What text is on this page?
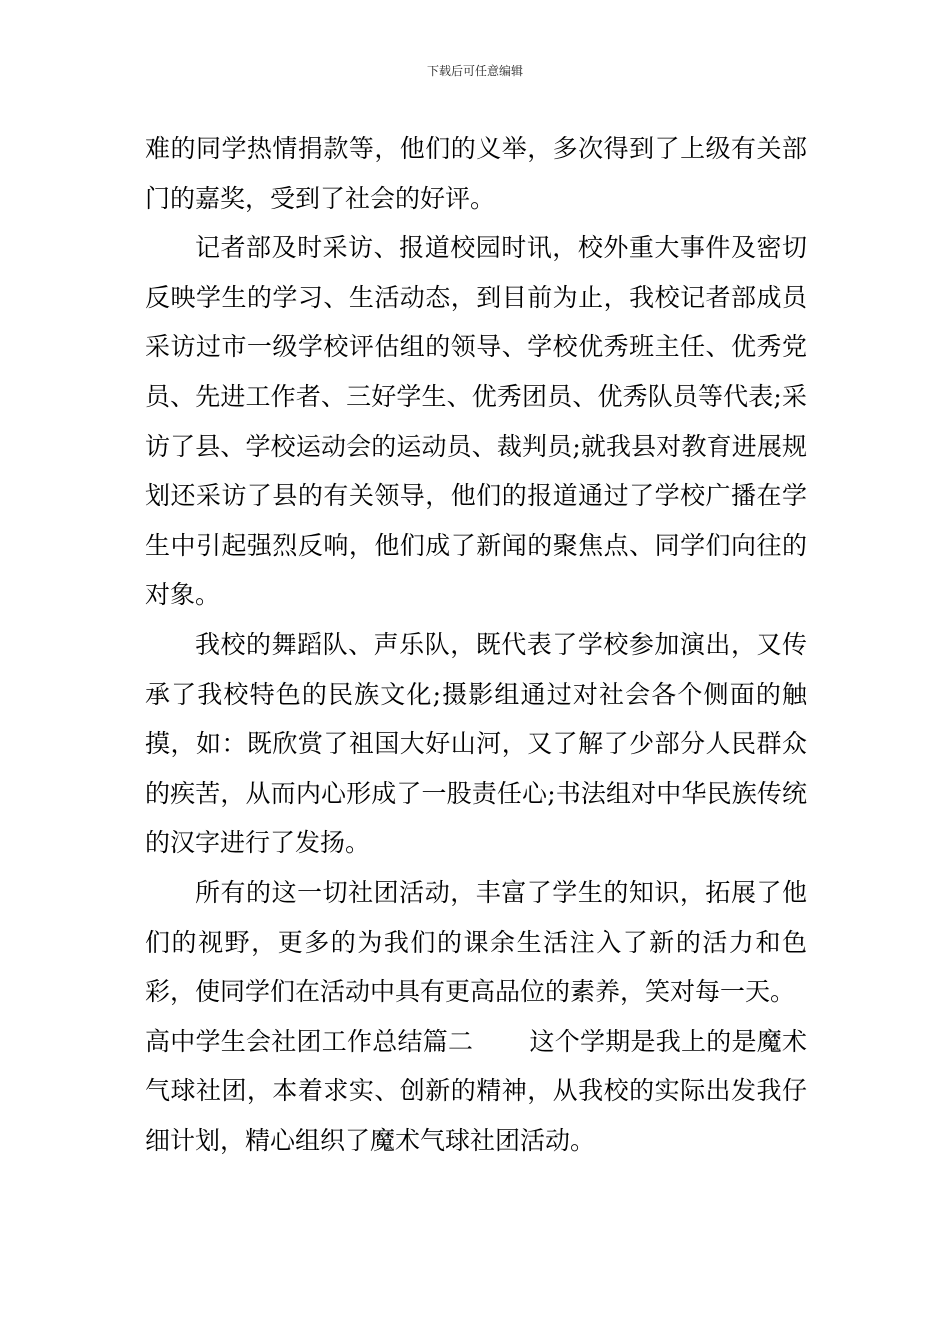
下载后可任意编辑

难的同学热情捐款等，他们的义举，多次得到了上级有关部门的嘉奖，受到了社会的好评。

记者部及时采访、报道校园时讯，校外重大事件及密切反映学生的学习、生活动态，到目前为止，我校记者部成员采访过市一级学校评估组的领导、学校优秀班主任、优秀党员、先进工作者、三好学生、优秀团员、优秀队员等代表;采访了县、学校运动会的运动员、裁判员;就我县对教育进展规划还采访了县的有关领导，他们的报道通过了学校广播在学生中引起强烈反响，他们成了新闻的聚焦点、同学们向往的对象。

我校的舞蹈队、声乐队，既代表了学校参加演出，又传承了我校特色的民族文化;摄影组通过对社会各个侧面的触摸，如：既欣赏了祖国大好山河，又了解了少部分人民群众的疾苦，从而内心形成了一股责任心;书法组对中华民族传统的汉字进行了发扬。

所有的这一切社团活动，丰富了学生的知识，拓展了他们的视野，更多的为我们的课余生活注入了新的活力和色彩，使同学们在活动中具有更高品位的素养，笑对每一天。

高中学生会社团工作总结篇二 这个学期是我上的是魔术气球社团，本着求实、创新的精神，从我校的实际出发我仔细计划，精心组织了魔术气球社团活动。
